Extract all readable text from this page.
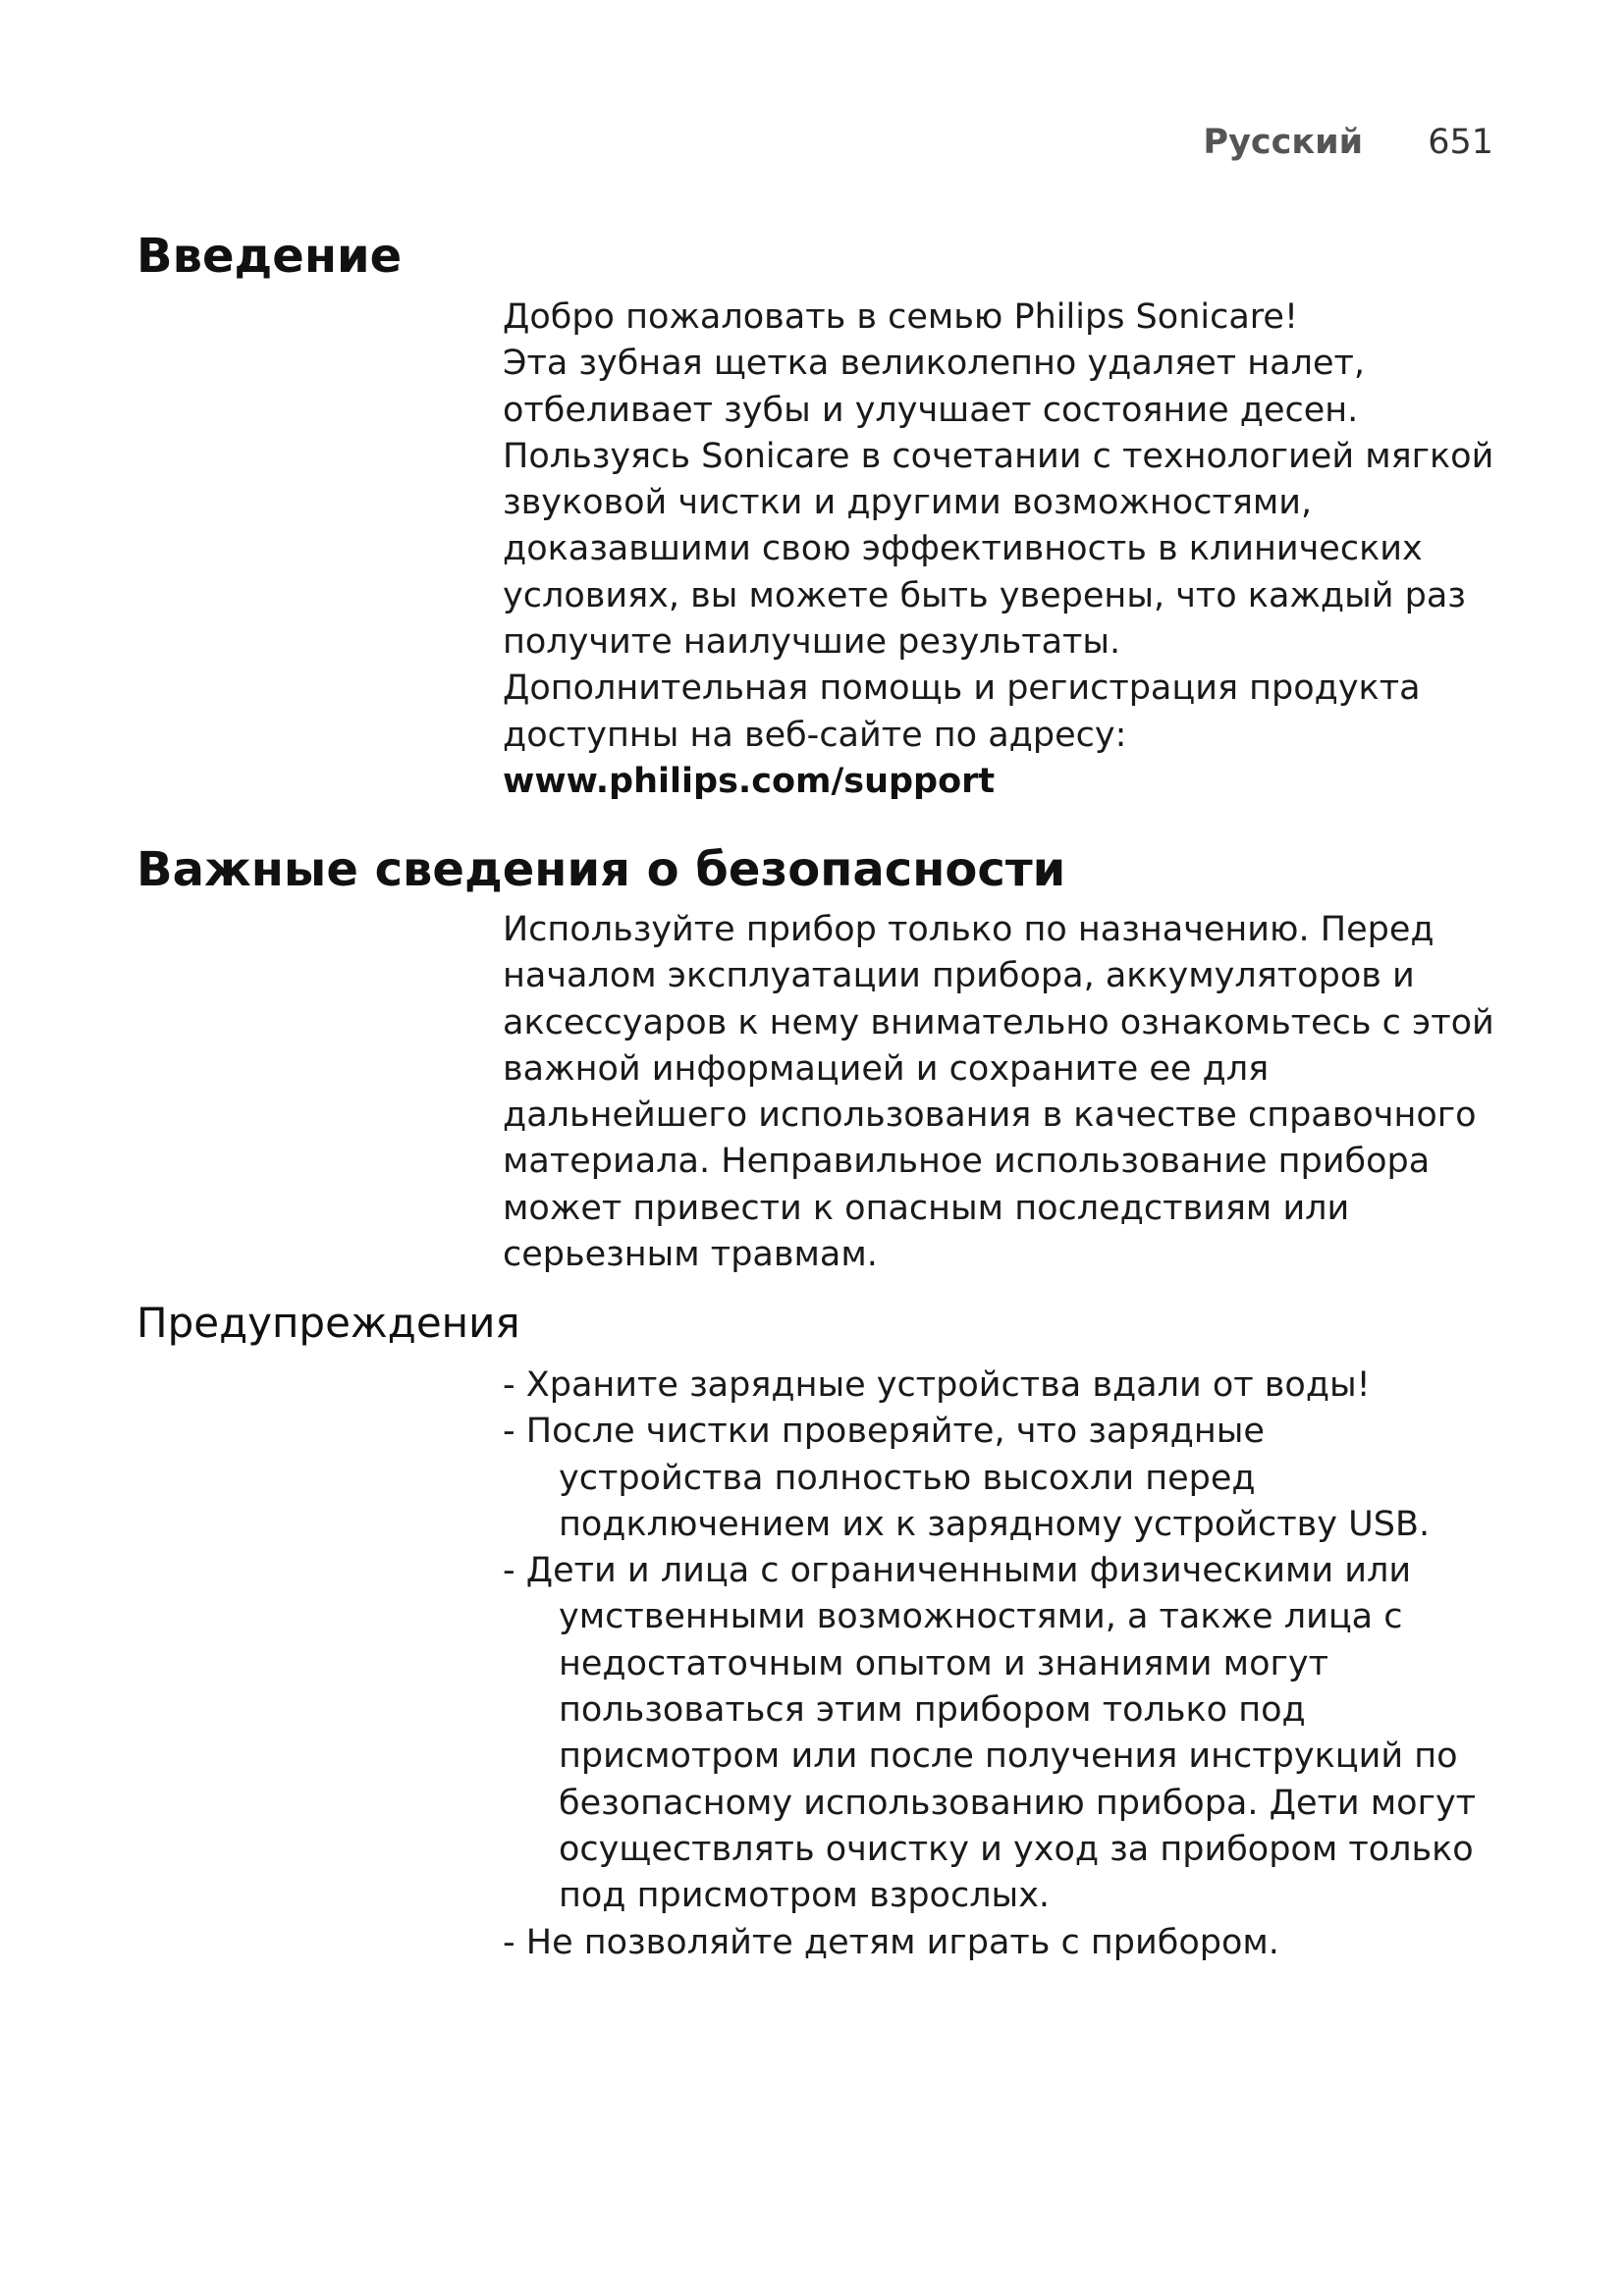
Русский 651
Введение
Добро пожаловать в семью Philips Sonicare!
Эта зубная щетка великолепно удаляет налет,
отбеливает зубы и улучшает состояние десен.
Пользуясь Sonicare в сочетании с технологией мягкой
звуковой чистки и другими возможностями,
доказавшими свою эффективность в клинических
условиях, вы можете быть уверены, что каждый раз
получите наилучшие результаты.
Дополнительная помощь и регистрация продукта
доступны на веб-сайте по адресу:
www.philips.com/support
Важные сведения о безопасности
Используйте прибор только по назначению. Перед
началом эксплуатации прибора, аккумуляторов и
аксессуаров к нему внимательно ознакомьтесь с этой
важной информацией и сохраните ее для
дальнейшего использования в качестве справочного
материала. Неправильное использование прибора
может привести к опасным последствиям или
серьезным травмам.
Предупреждения
- Храните зарядные устройства вдали от воды!
- После чистки проверяйте, что зарядные
устройства полностью высохли перед
подключением их к зарядному устройству USB.
- Дети и лица с ограниченными физическими или
умственными возможностями, а также лица с
недостаточным опытом и знаниями могут
пользоваться этим прибором только под
присмотром или после получения инструкций по
безопасному использованию прибора. Дети могут
осуществлять очистку и уход за прибором только
под присмотром взрослых.
- Не позволяйте детям играть с прибором.
